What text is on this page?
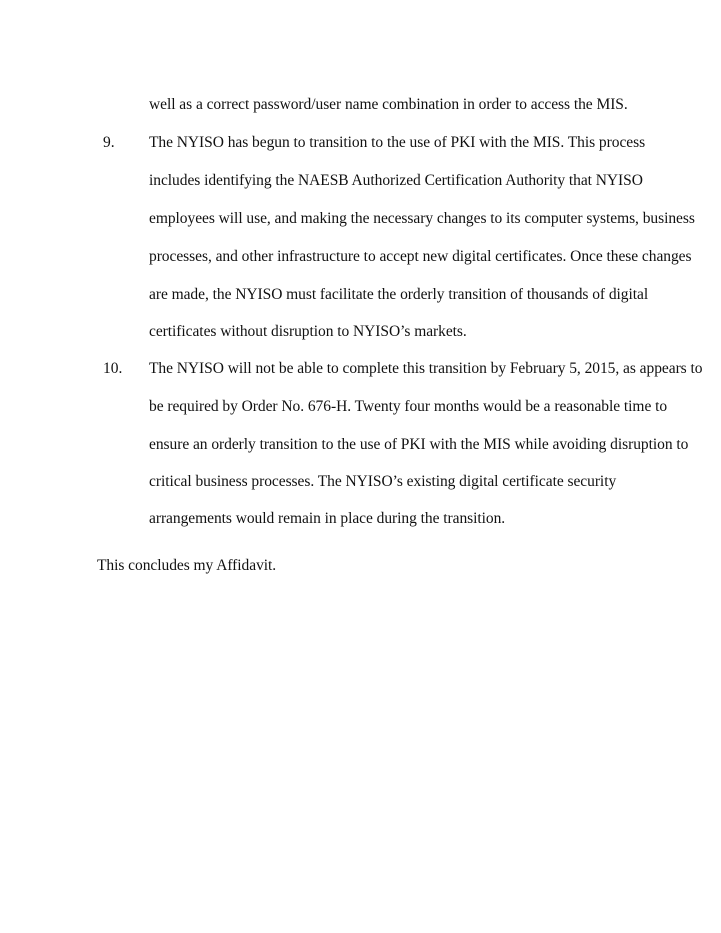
well as a correct password/user name combination in order to access the MIS.
9. The NYISO has begun to transition to the use of PKI with the MIS. This process
includes identifying the NAESB Authorized Certification Authority that NYISO
employees will use, and making the necessary changes to its computer systems, business
processes, and other infrastructure to accept new digital certificates. Once these changes
are made, the NYISO must facilitate the orderly transition of thousands of digital
certificates without disruption to NYISO’s markets.
10. The NYISO will not be able to complete this transition by February 5, 2015, as appears to
be required by Order No. 676-H. Twenty four months would be a reasonable time to
ensure an orderly transition to the use of PKI with the MIS while avoiding disruption to
critical business processes. The NYISO’s existing digital certificate security
arrangements would remain in place during the transition.
This concludes my Affidavit.
